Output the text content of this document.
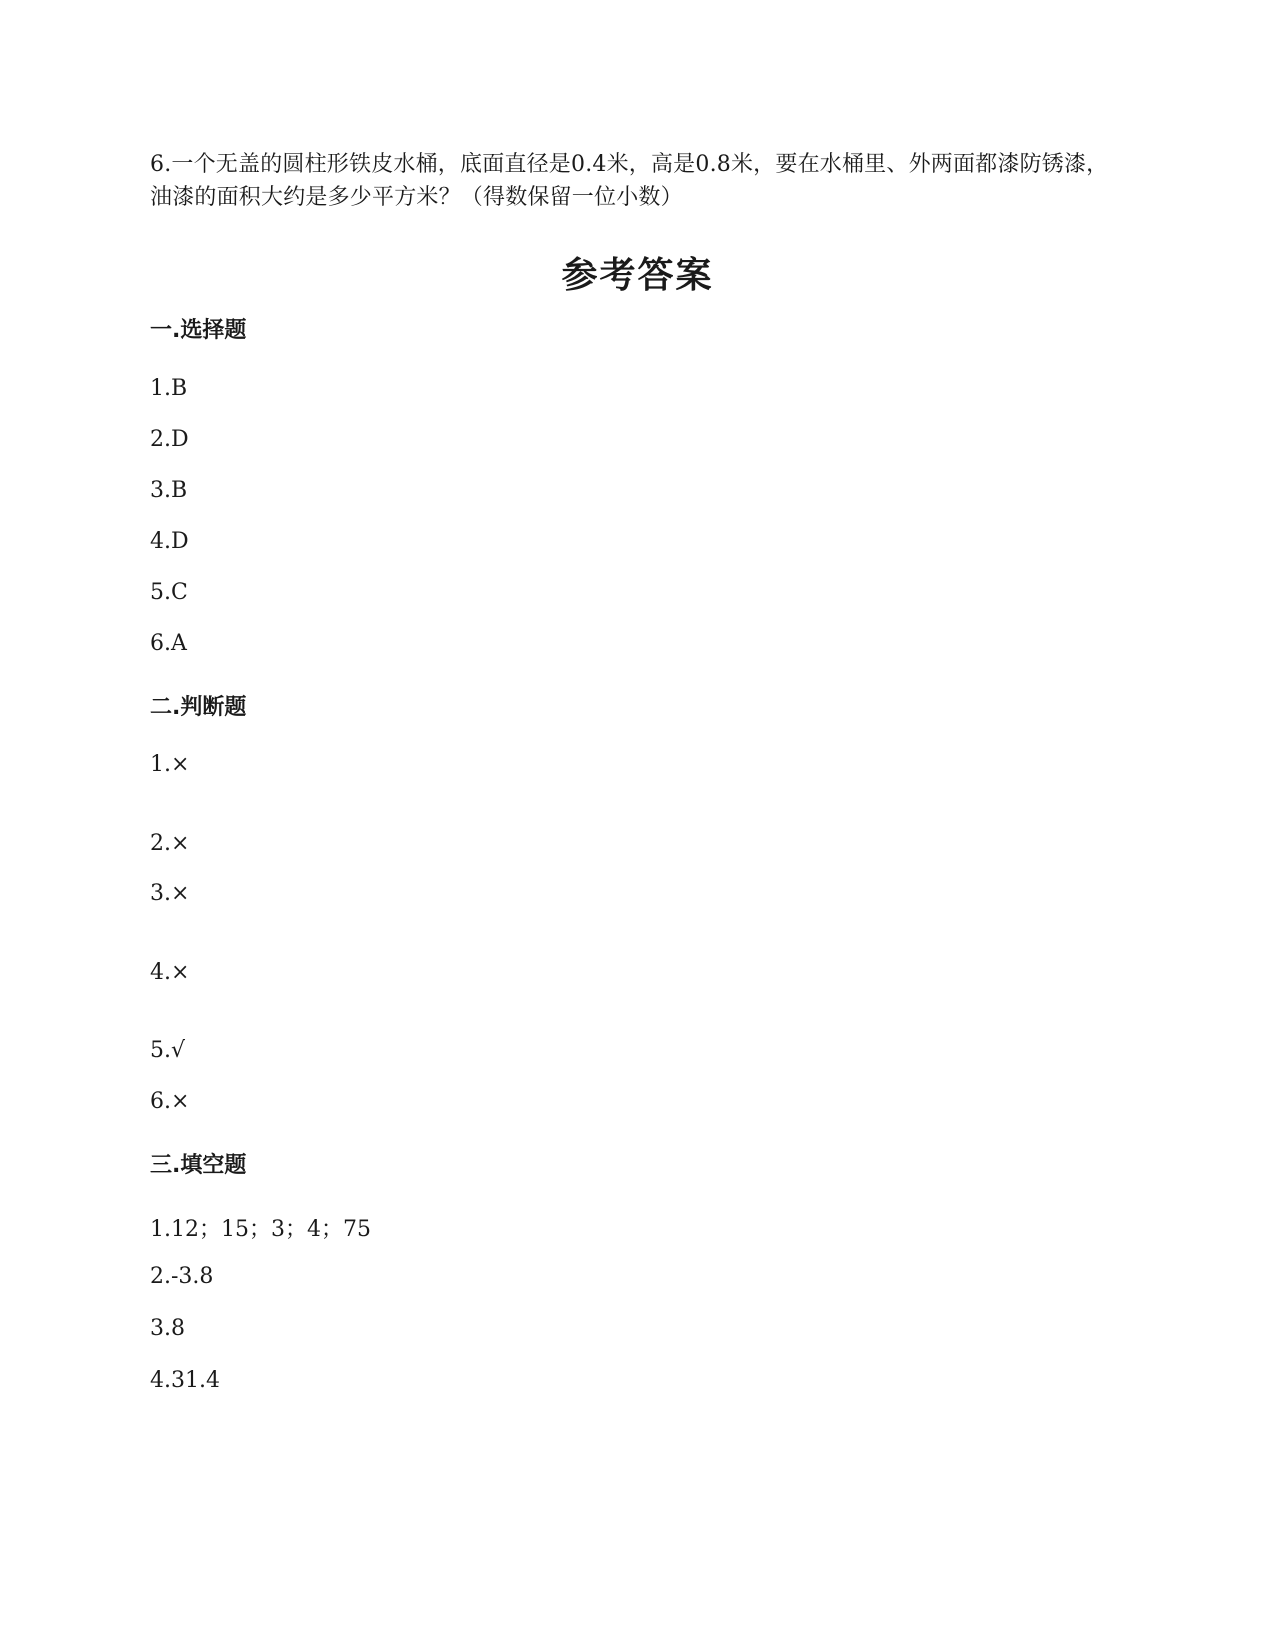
6.一个无盖的圆柱形铁皮水桶，底面直径是0.4米，高是0.8米，要在水桶里、外两面都漆防锈漆，油漆的面积大约是多少平方米？（得数保留一位小数）
参考答案
一.选择题
1.B
2.D
3.B
4.D
5.C
6.A
二.判断题
1.×
2.×
3.×
4.×
5.√
6.×
三.填空题
1.12；15；3；4；75
2.-3.8
3.8
4.31.4
